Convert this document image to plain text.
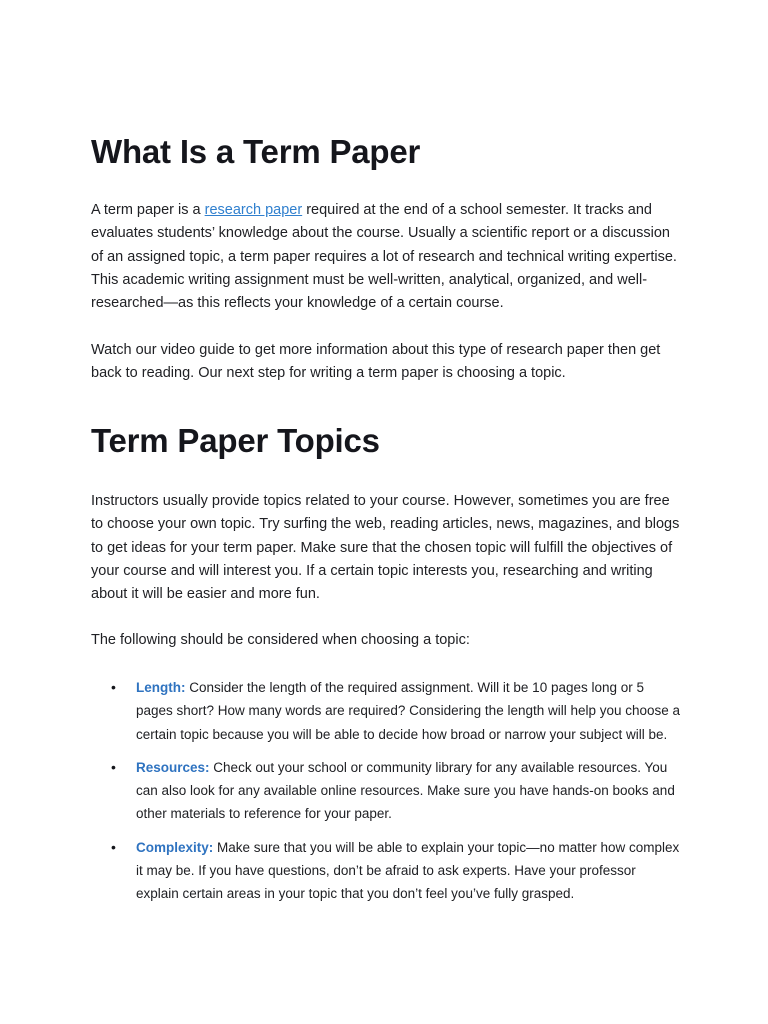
What Is a Term Paper

A term paper is a research paper required at the end of a school semester. It tracks and evaluates students’ knowledge about the course. Usually a scientific report or a discussion of an assigned topic, a term paper requires a lot of research and technical writing expertise. This academic writing assignment must be well-written, analytical, organized, and well-researched—as this reflects your knowledge of a certain course.

Watch our video guide to get more information about this type of research paper then get back to reading. Our next step for writing a term paper is choosing a topic.

Term Paper Topics

Instructors usually provide topics related to your course. However, sometimes you are free to choose your own topic. Try surfing the web, reading articles, news, magazines, and blogs to get ideas for your term paper. Make sure that the chosen topic will fulfill the objectives of your course and will interest you. If a certain topic interests you, researching and writing about it will be easier and more fun.

The following should be considered when choosing a topic:

• Length: Consider the length of the required assignment. Will it be 10 pages long or 5 pages short? How many words are required? Considering the length will help you choose a certain topic because you will be able to decide how broad or narrow your subject will be.
• Resources: Check out your school or community library for any available resources. You can also look for any available online resources. Make sure you have hands-on books and other materials to reference for your paper.
• Complexity: Make sure that you will be able to explain your topic—no matter how complex it may be. If you have questions, don’t be afraid to ask experts. Have your professor explain certain areas in your topic that you don’t feel you’ve fully grasped.
